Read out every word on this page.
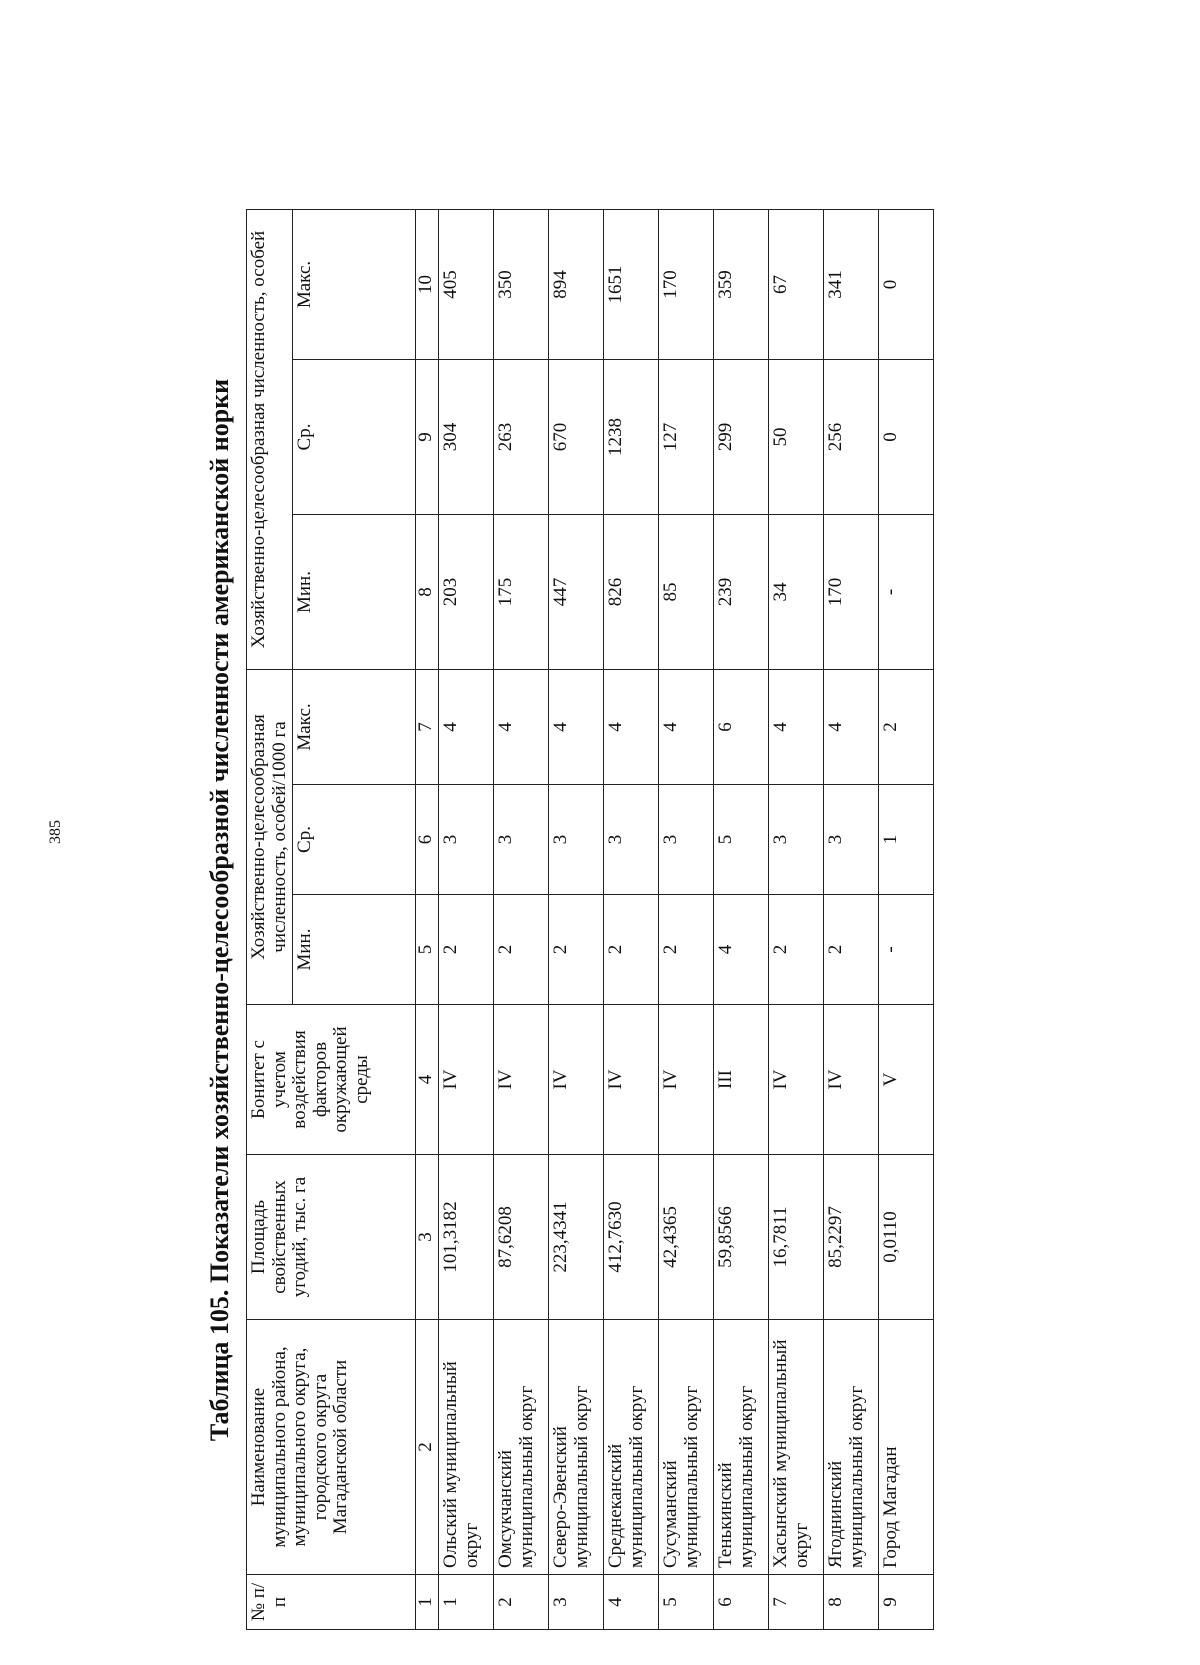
385	Таблица 105. Показатели хозяйственно-целесообразной численности американской норки
№ п/п	Наименование муниципального района, муниципального округа, городского округа Магаданской области	Площадь свойственных угодий, тыс. га	Бонитет с учетом воздействия факторов окружающей среды	Хозяйственно-целесообразная численность, особей/1000 га			Хозяйственно-целесообразная численность, особей		
				Мин.	Ср.	Макс.	Мин.	Ср.	Макс.
1	2	3	4	5	6	7	8	9	10
1	Ольский муниципальный округ	101,3182	IV	2	3	4	203	304	405
2	Омсукчанский муниципальный округ	87,6208	IV	2	3	4	175	263	350
3	Северо-Эвенский муниципальный округ	223,4341	IV	2	3	4	447	670	894
4	Среднеканский муниципальный округ	412,7630	IV	2	3	4	826	1238	1651
5	Сусуманский муниципальный округ	42,4365	IV	2	3	4	85	127	170
6	Тенькинский муниципальный округ	59,8566	III	4	5	6	239	299	359
7	Хасынский муниципальный округ	16,7811	IV	2	3	4	34	50	67
8	Ягоднинский муниципальный округ	85,2297	IV	2	3	4	170	256	341
9	Город Магадан	0,0110	V	-	1	2	-	0	0
